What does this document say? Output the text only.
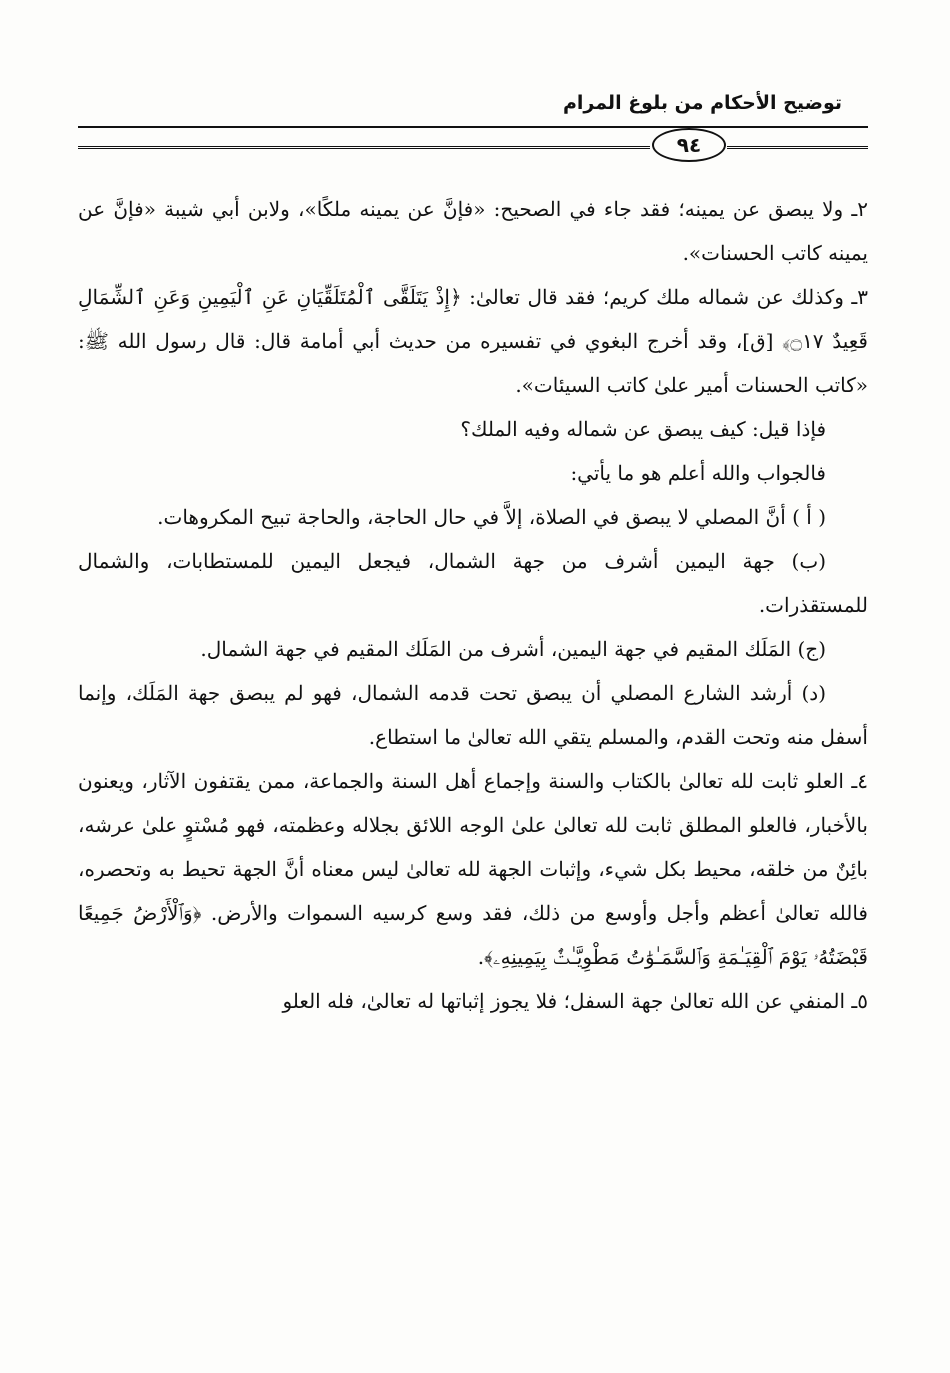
توضيح الأحكام من بلوغ المرام
٩٤

٢ـ ولا يبصق عن يمينه؛ فقد جاء في الصحيح: «فإنَّ عن يمينه ملكًا»، ولابن أبي شيبة «فإنَّ عن يمينه كاتب الحسنات».

٣ـ وكذلك عن شماله ملك كريم؛ فقد قال تعالىٰ: ﴿إِذْ يَتَلَقَّى ٱلْمُتَلَقِّيَانِ عَنِ ٱلْيَمِينِ وَعَنِ ٱلشِّمَالِ قَعِيدٌ ۝١٧﴾ [ق]، وقد أخرج البغوي في تفسيره من حديث أبي أمامة قال: قال رسول الله ﷺ: «كاتب الحسنات أمير علىٰ كاتب السيئات».

فإذا قيل: كيف يبصق عن شماله وفيه الملك؟

فالجواب والله أعلم هو ما يأتي:

( أ ) أنَّ المصلي لا يبصق في الصلاة، إلاَّ في حال الحاجة، والحاجة تبيح المكروهات.

(ب) جهة اليمين أشرف من جهة الشمال، فيجعل اليمين للمستطابات، والشمال للمستقذرات.

(ج) المَلَك المقيم في جهة اليمين، أشرف من المَلَك المقيم في جهة الشمال.

(د) أرشد الشارع المصلي أن يبصق تحت قدمه الشمال، فهو لم يبصق جهة المَلَك، وإنما أسفل منه وتحت القدم، والمسلم يتقي الله تعالىٰ ما استطاع.

٤ـ العلو ثابت لله تعالىٰ بالكتاب والسنة وإجماع أهل السنة والجماعة، ممن يقتفون الآثار، ويعنون بالأخبار، فالعلو المطلق ثابت لله تعالىٰ علىٰ الوجه اللائق بجلاله وعظمته، فهو مُسْتوٍ علىٰ عرشه، بائِنٌ من خلقه، محيط بكل شيء، وإثبات الجهة لله تعالىٰ ليس معناه أنَّ الجهة تحيط به وتحصره، فالله تعالىٰ أعظم وأجل وأوسع من ذلك، فقد وسع كرسيه السموات والأرض. ﴿وَٱلْأَرْضُ جَمِيعًا قَبْضَتُهُۥ يَوْمَ ٱلْقِيَـٰمَةِ وَٱلسَّمَـٰوَٰتُ مَطْوِيَّـٰتٌۢ بِيَمِينِهِۦ﴾.

٥ـ المنفي عن الله تعالىٰ جهة السفل؛ فلا يجوز إثباتها له تعالىٰ، فله العلو
